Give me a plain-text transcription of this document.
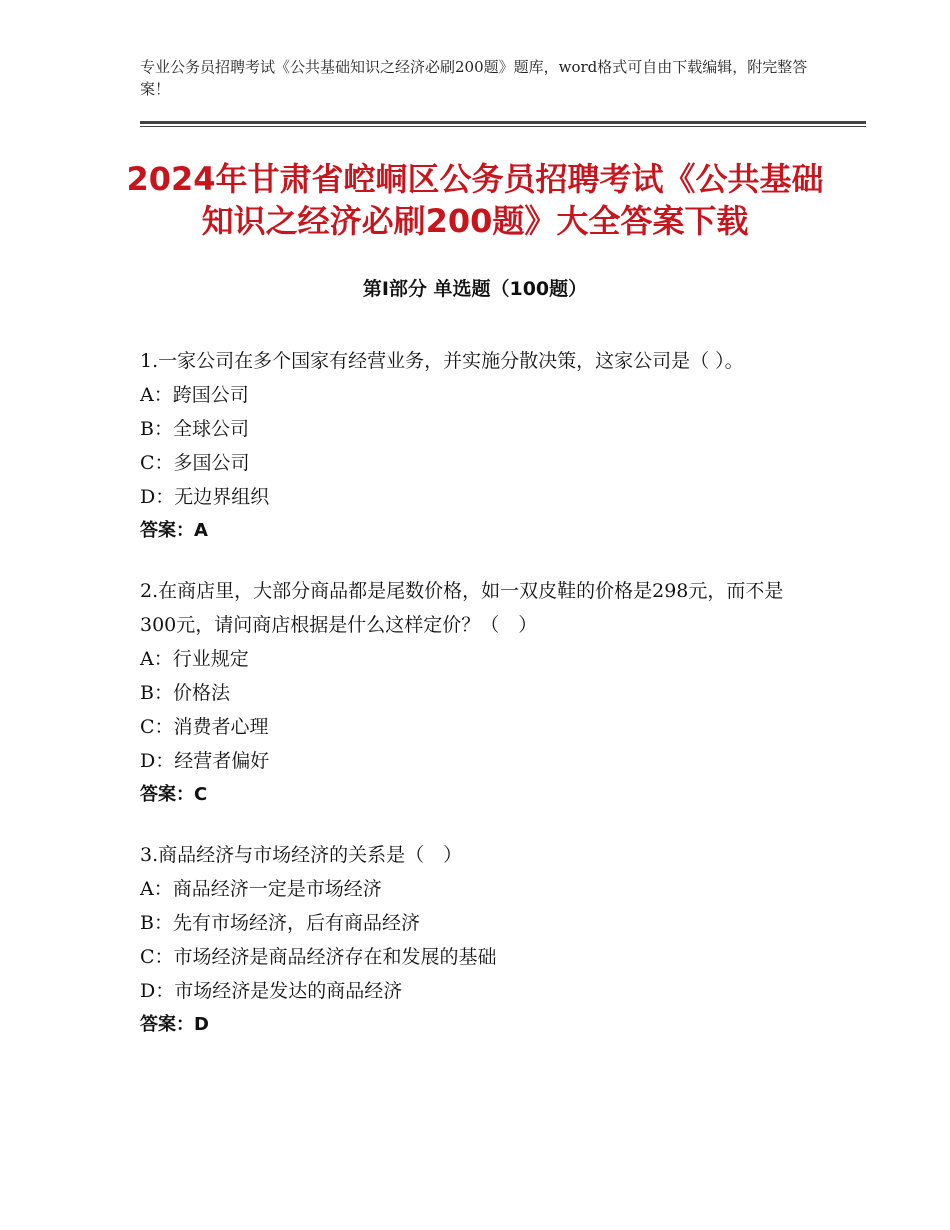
专业公务员招聘考试《公共基础知识之经济必刷200题》题库，word格式可自由下载编辑，附完整答案！
2024年甘肃省崆峒区公务员招聘考试《公共基础知识之经济必刷200题》大全答案下载
第Ⅰ部分 单选题（100题）

1.一家公司在多个国家有经营业务，并实施分散决策，这家公司是（ ）。

A：跨国公司

B：全球公司

C：多国公司

D：无边界组织

答案：A

2.在商店里，大部分商品都是尾数价格，如一双皮鞋的价格是298元，而不是300元，请问商店根据是什么这样定价？（　）

A：行业规定

B：价格法

C：消费者心理

D：经营者偏好

答案：C

3.商品经济与市场经济的关系是（　）

A：商品经济一定是市场经济

B：先有市场经济，后有商品经济

C：市场经济是商品经济存在和发展的基础

D：市场经济是发达的商品经济

答案：D
